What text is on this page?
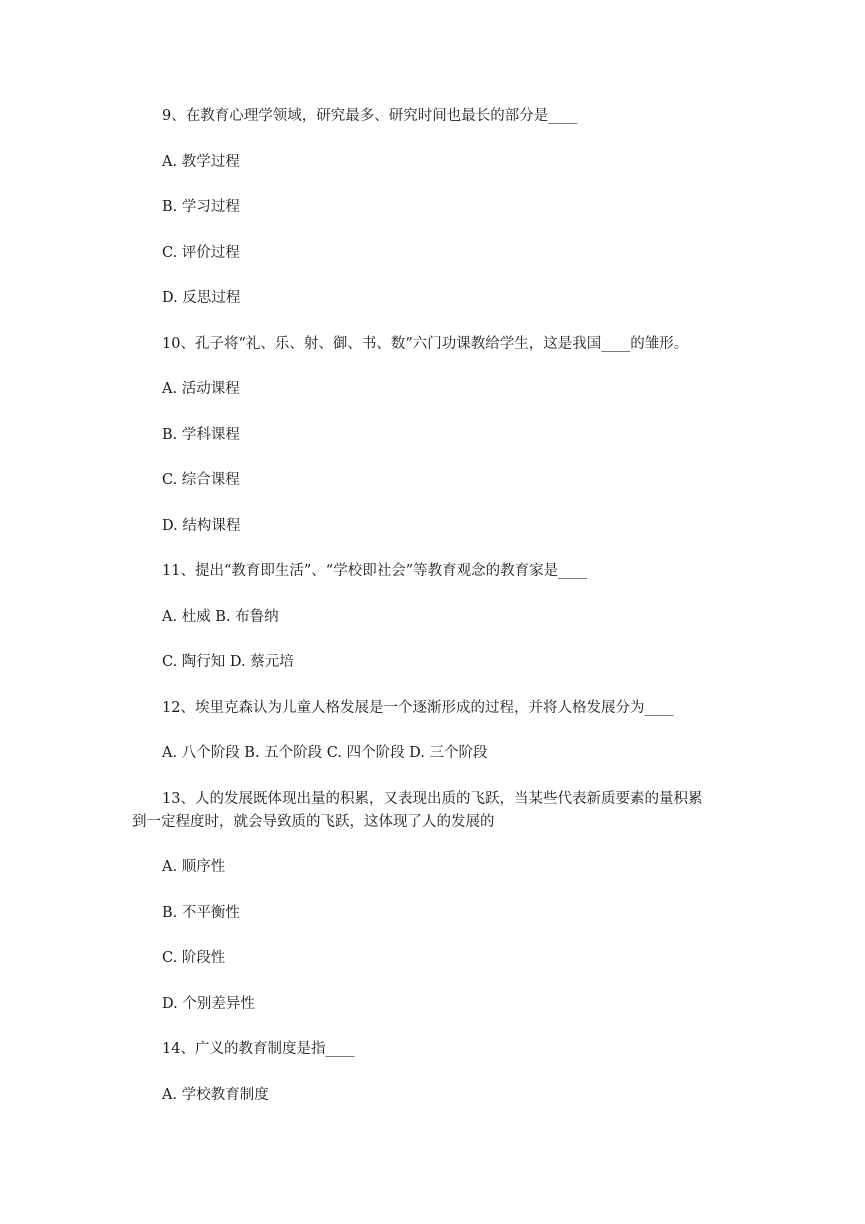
9、在教育心理学领域，研究最多、研究时间也最长的部分是____
A. 教学过程
B. 学习过程
C. 评价过程
D. 反思过程
10、孔子将“礼、乐、射、御、书、数”六门功课教给学生，这是我国____的雏形。
A. 活动课程
B. 学科课程
C. 综合课程
D. 结构课程
11、提出“教育即生活”、“学校即社会”等教育观念的教育家是____
A. 杜威 B. 布鲁纳
C. 陶行知 D. 蔡元培
12、埃里克森认为儿童人格发展是一个逐渐形成的过程，并将人格发展分为____
A. 八个阶段 B. 五个阶段 C. 四个阶段 D. 三个阶段
13、人的发展既体现出量的积累，又表现出质的飞跃，当某些代表新质要素的量积累
到一定程度时，就会导致质的飞跃，这体现了人的发展的
A. 顺序性
B. 不平衡性
C. 阶段性
D. 个别差异性
14、广义的教育制度是指____
A. 学校教育制度
